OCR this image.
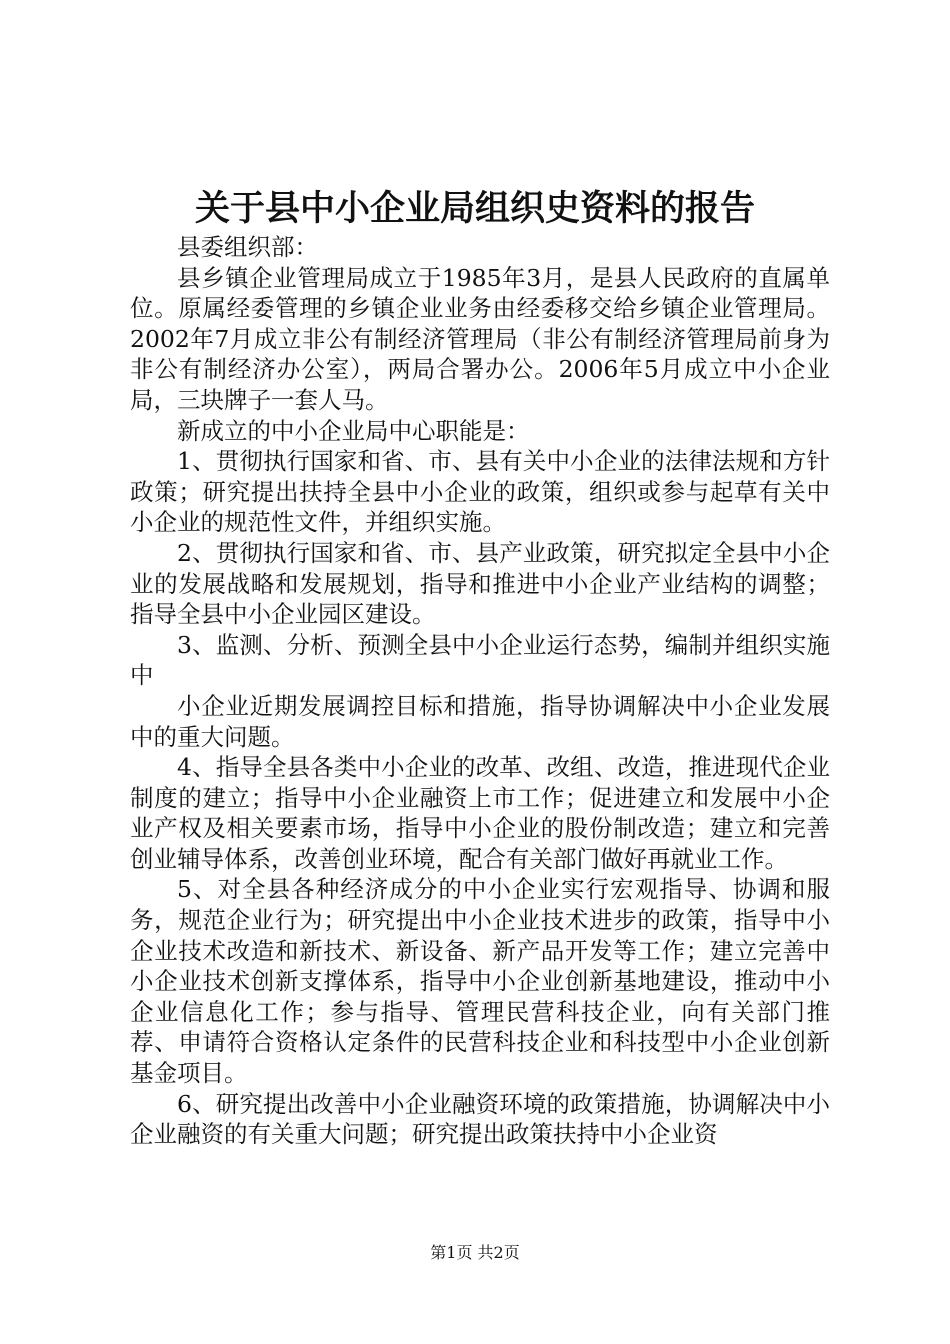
关于县中小企业局组织史资料的报告

县委组织部：

县乡镇企业管理局成立于1985年3月，是县人民政府的直属单位。原属经委管理的乡镇企业业务由经委移交给乡镇企业管理局。2002年7月成立非公有制经济管理局（非公有制经济管理局前身为非公有制经济办公室），两局合署办公。2006年5月成立中小企业局，三块牌子一套人马。

新成立的中小企业局中心职能是：

1、贯彻执行国家和省、市、县有关中小企业的法律法规和方针政策；研究提出扶持全县中小企业的政策，组织或参与起草有关中小企业的规范性文件，并组织实施。

2、贯彻执行国家和省、市、县产业政策，研究拟定全县中小企业的发展战略和发展规划，指导和推进中小企业产业结构的调整；指导全县中小企业园区建设。

3、监测、分析、预测全县中小企业运行态势，编制并组织实施中

小企业近期发展调控目标和措施，指导协调解决中小企业发展中的重大问题。

4、指导全县各类中小企业的改革、改组、改造，推进现代企业制度的建立；指导中小企业融资上市工作；促进建立和发展中小企业产权及相关要素市场，指导中小企业的股份制改造；建立和完善创业辅导体系，改善创业环境，配合有关部门做好再就业工作。

5、对全县各种经济成分的中小企业实行宏观指导、协调和服务，规范企业行为；研究提出中小企业技术进步的政策，指导中小企业技术改造和新技术、新设备、新产品开发等工作；建立完善中小企业技术创新支撑体系，指导中小企业创新基地建设，推动中小企业信息化工作；参与指导、管理民营科技企业，向有关部门推荐、申请符合资格认定条件的民营科技企业和科技型中小企业创新基金项目。

6、研究提出改善中小企业融资环境的政策措施，协调解决中小企业融资的有关重大问题；研究提出政策扶持中小企业资

第1页 共2页
